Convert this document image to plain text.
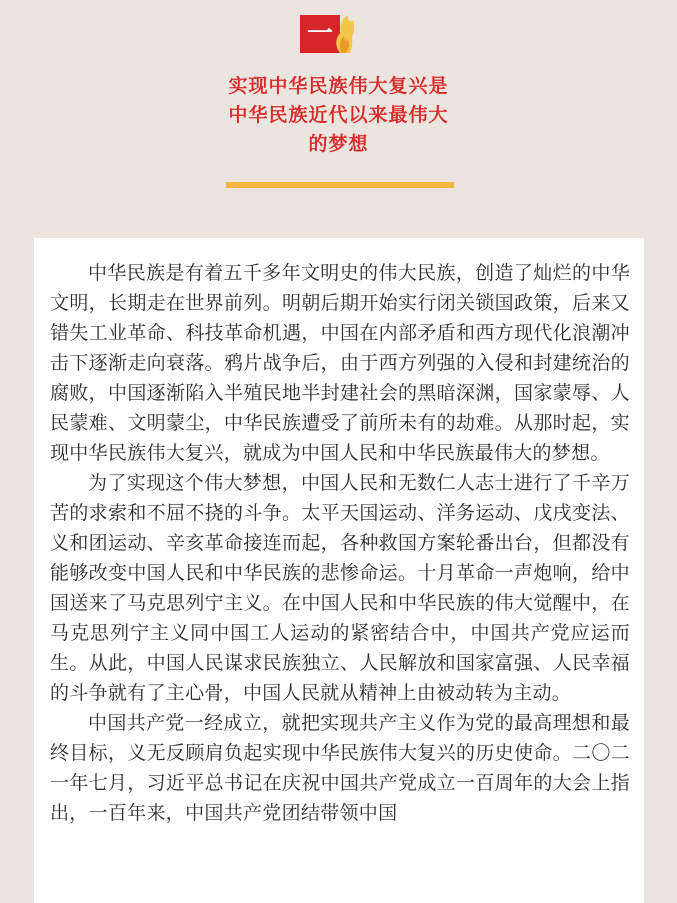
一
实现中华民族伟大复兴是
中华民族近代以来最伟大
的梦想

中华民族是有着五千多年文明史的伟大民族，创造了灿烂的中华文明，长期走在世界前列。明朝后期开始实行闭关锁国政策，后来又错失工业革命、科技革命机遇，中国在内部矛盾和西方现代化浪潮冲击下逐渐走向衰落。鸦片战争后，由于西方列强的入侵和封建统治的腐败，中国逐渐陷入半殖民地半封建社会的黑暗深渊，国家蒙辱、人民蒙难、文明蒙尘，中华民族遭受了前所未有的劫难。从那时起，实现中华民族伟大复兴，就成为中国人民和中华民族最伟大的梦想。

为了实现这个伟大梦想，中国人民和无数仁人志士进行了千辛万苦的求索和不屈不挠的斗争。太平天国运动、洋务运动、戊戌变法、义和团运动、辛亥革命接连而起，各种救国方案轮番出台，但都没有能够改变中国人民和中华民族的悲惨命运。十月革命一声炮响，给中国送来了马克思列宁主义。在中国人民和中华民族的伟大觉醒中，在马克思列宁主义同中国工人运动的紧密结合中，中国共产党应运而生。从此，中国人民谋求民族独立、人民解放和国家富强、人民幸福的斗争就有了主心骨，中国人民就从精神上由被动转为主动。

中国共产党一经成立，就把实现共产主义作为党的最高理想和最终目标，义无反顾肩负起实现中华民族伟大复兴的历史使命。二〇二一年七月，习近平总书记在庆祝中国共产党成立一百周年的大会上指出，一百年来，中国共产党团结带领中国
